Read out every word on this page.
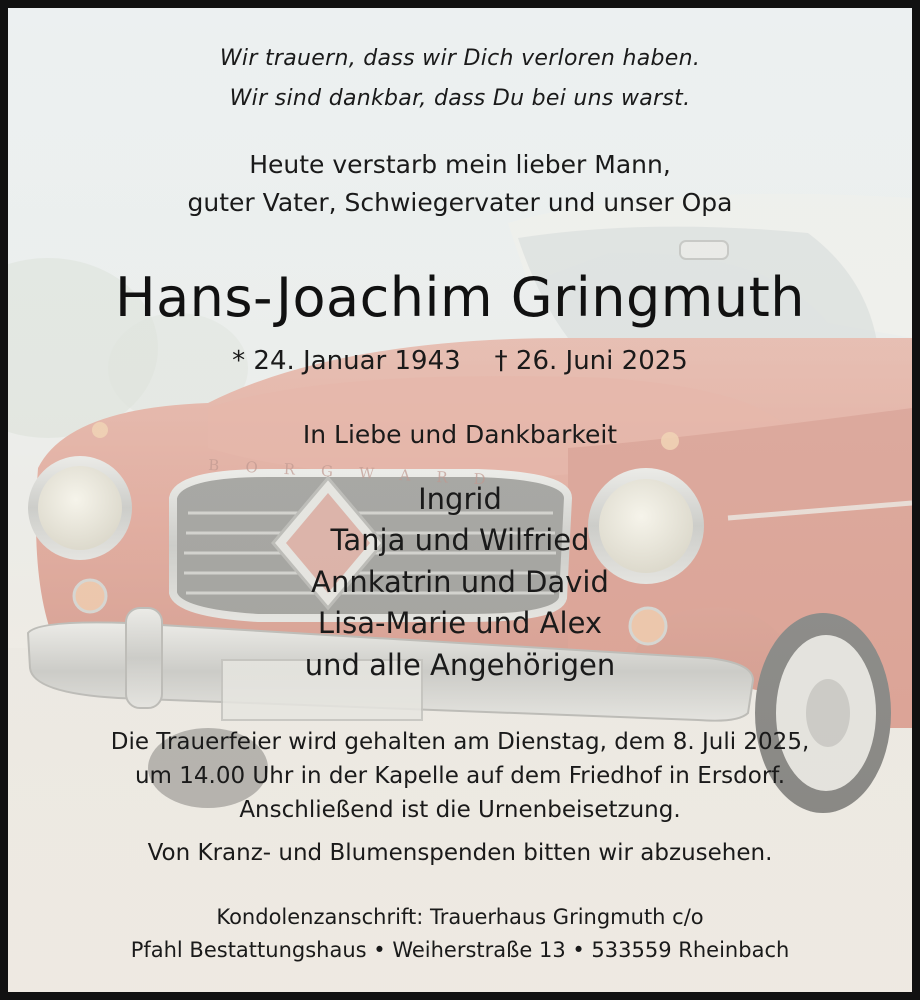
Wir trauern, dass wir Dich verloren haben.
Wir sind dankbar, dass Du bei uns warst.
Heute verstarb mein lieber Mann,
guter Vater, Schwiegervater und unser Opa
Hans-Joachim Gringmuth
* 24. Januar 1943 † 26. Juni 2025
In Liebe und Dankbarkeit
Ingrid
Tanja und Wilfried
Annkatrin und David
Lisa-Marie und Alex
und alle Angehörigen
Die Trauerfeier wird gehalten am Dienstag, dem 8. Juli 2025,
um 14.00 Uhr in der Kapelle auf dem Friedhof in Ersdorf.
Anschließend ist die Urnenbeisetzung.
Von Kranz- und Blumenspenden bitten wir abzusehen.
Kondolenzanschrift: Trauerhaus Gringmuth c/o
Pfahl Bestattungshaus • Weiherstraße 13 • 533559 Rheinbach
